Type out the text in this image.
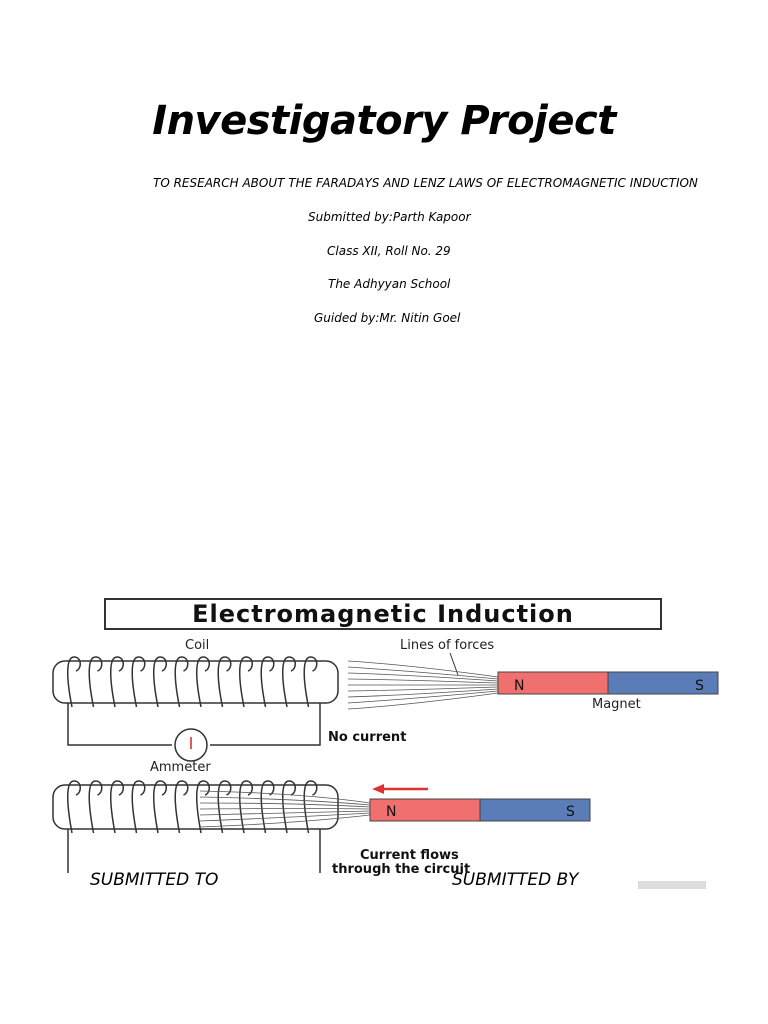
Investigatory Project
TO RESEARCH ABOUT THE FARADAYS AND LENZ LAWS OF ELECTROMAGNETIC INDUCTION
Submitted by:Parth Kapoor
Class XII, Roll No. 29
The Adhyyan School
Guided by:Mr. Nitin Goel
Electromagnetic Induction
Coil	Lines of forces
N	S
Magnet
No current
Ammeter
N	S
Current flows
through the circuit
SUBMITTED TO	SUBMITTED BY
